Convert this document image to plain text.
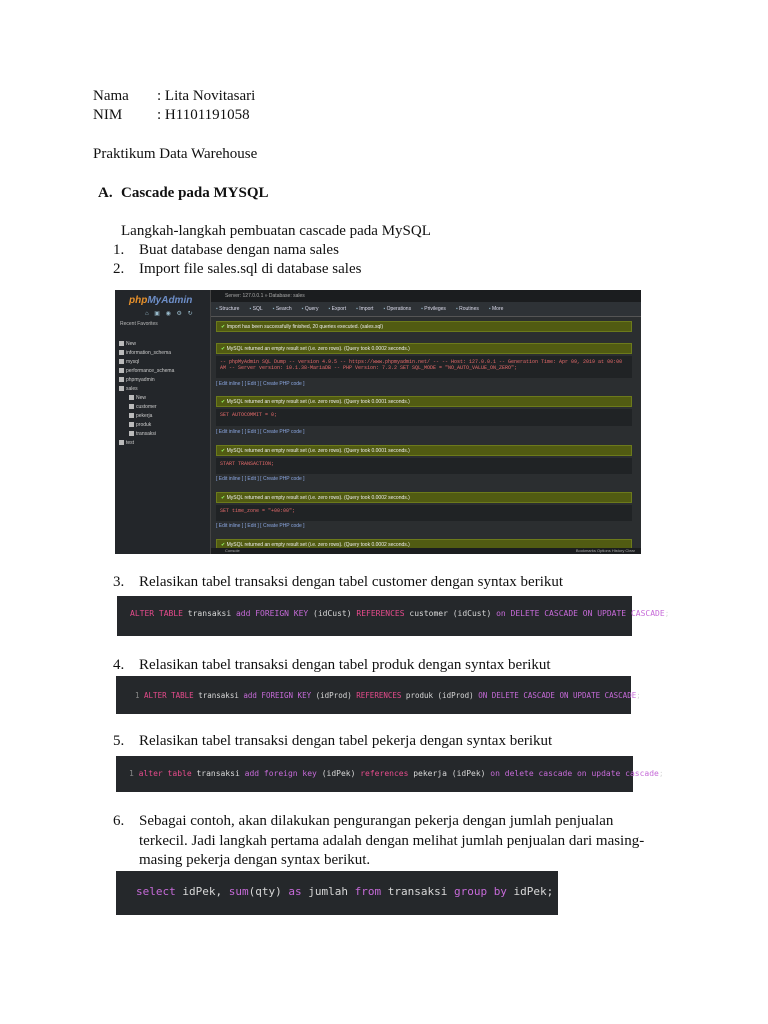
Nama : Lita Novitasari
NIM : H1101191058
Praktikum Data Warehouse
A. Cascade pada MYSQL
Langkah-langkah pembuatan cascade pada MySQL
1. Buat database dengan nama sales
2. Import file sales.sql di database sales
phpMyAdmin
⌂ ▣ ◉ ⚙ ↻
Recent Favorites
New
information_schema
mysql
performance_schema
phpmyadmin
sales
New
customer
pekerja
produk
transaksi
test
Server: 127.0.0.1 » Database: sales
▪ Structure	▪ SQL	▪ Search	▪ Query	▪ Export	▪ Import	▪ Operations	▪ Privileges	▪ Routines	▪ More
✔ Import has been successfully finished, 20 queries executed. (sales.sql)
✔ MySQL returned an empty result set (i.e. zero rows). (Query took 0.0002 seconds.)
-- phpMyAdmin SQL Dump -- version 4.9.5 -- https://www.phpmyadmin.net/ -- -- Host: 127.0.0.1 -- Generation Time: Apr 09, 2019 at 00:00
AM -- Server version: 10.1.38-MariaDB -- PHP Version: 7.3.2 SET SQL_MODE = "NO_AUTO_VALUE_ON_ZERO";
[ Edit inline ] [ Edit ] [ Create PHP code ]
✔ MySQL returned an empty result set (i.e. zero rows). (Query took 0.0001 seconds.)
SET AUTOCOMMIT = 0;
[ Edit inline ] [ Edit ] [ Create PHP code ]
✔ MySQL returned an empty result set (i.e. zero rows). (Query took 0.0001 seconds.)
START TRANSACTION;
[ Edit inline ] [ Edit ] [ Create PHP code ]
✔ MySQL returned an empty result set (i.e. zero rows). (Query took 0.0002 seconds.)
SET time_zone = "+00:00";
[ Edit inline ] [ Edit ] [ Create PHP code ]
✔ MySQL returned an empty result set (i.e. zero rows). (Query took 0.0002 seconds.)
Console	Bookmarks Options History Clear
3. Relasikan tabel transaksi dengan tabel customer dengan syntax berikut
ALTER TABLE transaksi add FOREIGN KEY (idCust) REFERENCES customer (idCust) on DELETE CASCADE ON UPDATE CASCADE;
4. Relasikan tabel transaksi dengan tabel produk dengan syntax berikut
1 ALTER TABLE transaksi add FOREIGN KEY (idProd) REFERENCES produk (idProd) ON DELETE CASCADE ON UPDATE CASCADE;
5. Relasikan tabel transaksi dengan tabel pekerja dengan syntax berikut
1 alter table transaksi add foreign key (idPek) references pekerja (idPek) on delete cascade on update cascade;
6. Sebagai contoh, akan dilakukan pengurangan pekerja dengan jumlah penjualan
terkecil. Jadi langkah pertama adalah dengan melihat jumlah penjualan dari masing-
masing pekerja dengan syntax berikut.
select idPek, sum(qty) as jumlah from transaksi group by idPek;
